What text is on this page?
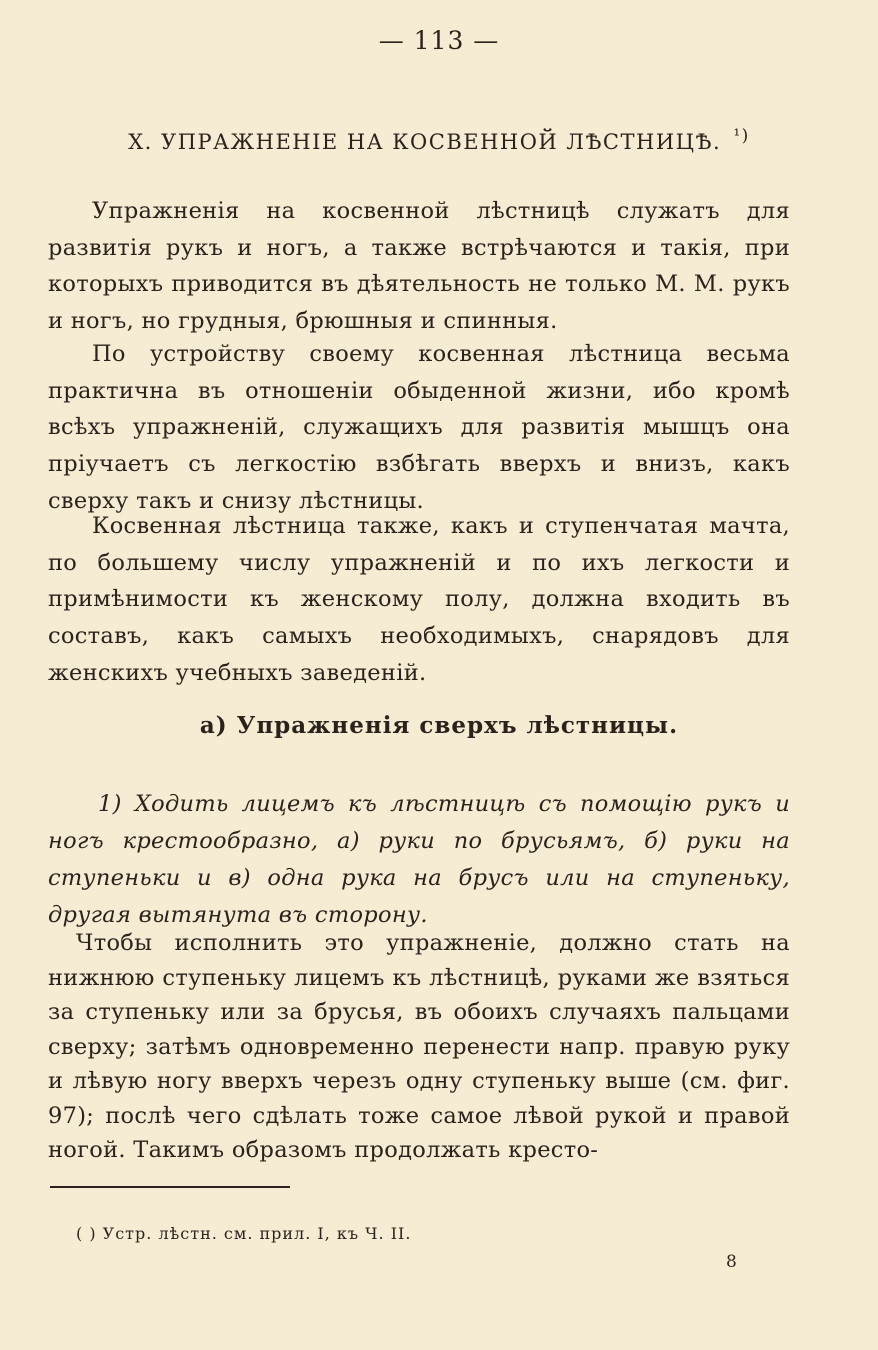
— 113 —
X. УПРАЖНЕНІЕ НА КОСВЕННОЙ ЛѢСТНИЦѢ. $^{^1)}$

Упражненія на косвенной лѣстницѣ служатъ для развитія рукъ и ногъ, а также встрѣчаются и такія, при которыхъ приводится въ дѣятельность не только М. М. рукъ и ногъ, но грудныя, брюшныя и спинныя.

По устройству своему косвенная лѣстница весьма практична въ отношеніи обыденной жизни, ибо кромѣ всѣхъ упражненій, служащихъ для развитія мышцъ она пріучаетъ съ легкостію взбѣгать вверхъ и внизъ, какъ сверху такъ и снизу лѣстницы.

Косвенная лѣстница также, какъ и ступенчатая мачта, по большему числу упражненій и по ихъ легкости и примѣнимости къ женскому полу, должна входить въ составъ, какъ самыхъ необходимыхъ, снарядовъ для женскихъ учебныхъ заведеній.

а) Упражненія сверхъ лѣстницы.

1) Ходить лицемъ къ лѣстницѣ съ помощію рукъ и ногъ крестообразно, а) руки по брусьямъ, б) руки на ступеньки и в) одна рука на брусъ или на ступеньку, другая вытянута въ сторону.

Чтобы исполнить это упражненіе, должно стать на нижнюю ступеньку лицемъ къ лѣстницѣ, руками же взяться за ступеньку или за брусья, въ обоихъ случаяхъ пальцами сверху; затѣмъ одновременно перенести напр. правую руку и лѣвую ногу вверхъ черезъ одну ступеньку выше (см. фиг. 97); послѣ чего сдѣлать тоже самое лѣвой рукой и правой ногой. Такимъ образомъ продолжать кресто-

( ) Устр. лѣстн. см. прил. I, къ Ч. II.
8
